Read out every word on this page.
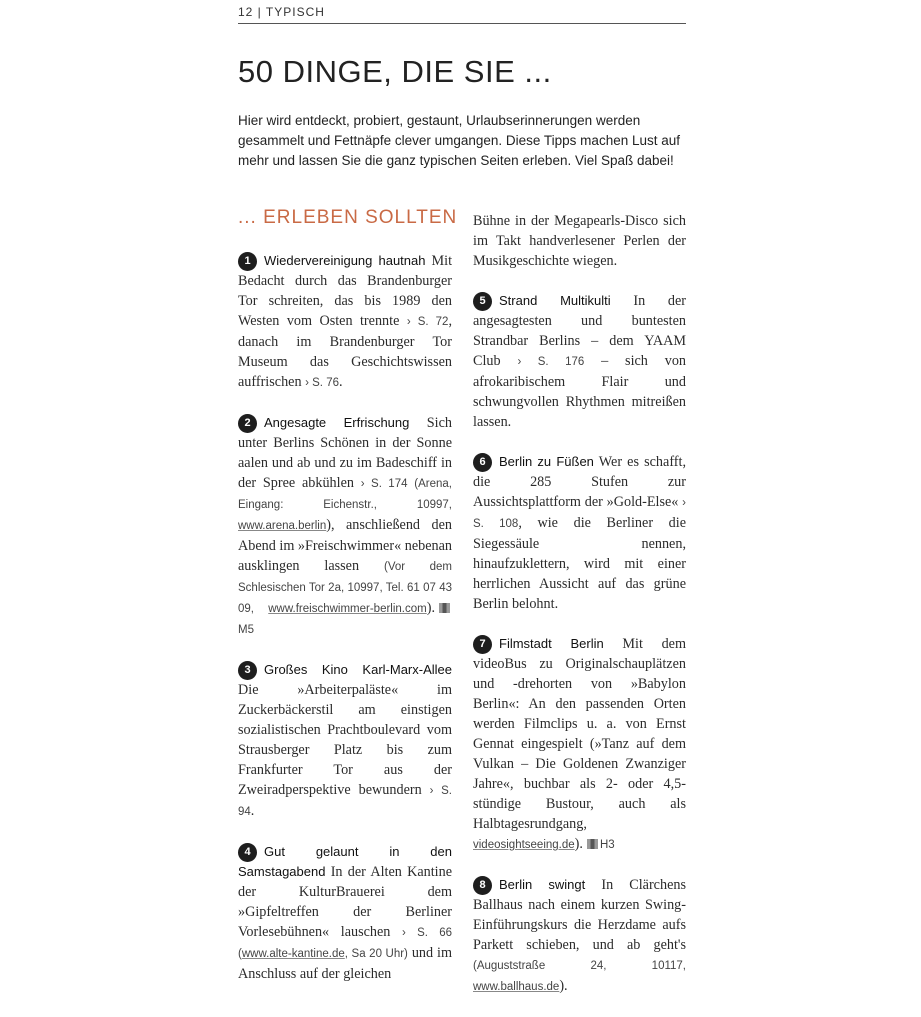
12 | TYPISCH
50 DINGE, DIE SIE ...
Hier wird entdeckt, probiert, gestaunt, Urlaubserinnerungen werden gesammelt und Fettnäpfe clever umgangen. Diese Tipps machen Lust auf mehr und lassen Sie die ganz typischen Seiten erleben. Viel Spaß dabei!
... ERLEBEN SOLLTEN
1 Wiedervereinigung hautnah Mit Bedacht durch das Brandenburger Tor schreiten, das bis 1989 den Westen vom Osten trennte › S. 72, danach im Brandenburger Tor Museum das Geschichtswissen auffrischen › S. 76.
2 Angesagte Erfrischung Sich unter Berlins Schönen in der Sonne aalen und ab und zu im Badeschiff in der Spree abkühlen › S. 174 (Arena, Eingang: Eichenstr., 10997, www.arena.berlin), anschließend den Abend im »Freischwimmer« nebenan ausklingen lassen (Vor dem Schlesischen Tor 2a, 10997, Tel. 61 07 43 09, www.freischwimmer-berlin.com).M5
3 Großes Kino Karl-Marx-Allee Die »Arbeiterpaläste« im Zuckerbäckerstil am einstigen sozialistischen Prachtboulevard vom Strausberger Platz bis zum Frankfurter Tor aus der Zweiradperspektive bewundern › S. 94.
4 Gut gelaunt in den Samstagabend In der Alten Kantine der KulturBrauerei dem »Gipfeltreffen der Berliner Vorlesebühnen« lauschen › S. 66 (www.alte-kantine.de, Sa 20 Uhr) und im Anschluss auf der gleichen
Bühne in der Megapearls-Disco sich im Takt handverlesener Perlen der Musikgeschichte wiegen.
5 Strand Multikulti In der angesagtesten und buntesten Strandbar Berlins – dem YAAM Club › S. 176 – sich von afrokaribischem Flair und schwungvollen Rhythmen mitreißen lassen.
6 Berlin zu Füßen Wer es schafft, die 285 Stufen zur Aussichtsplattform der »Gold-Else« › S. 108, wie die Berliner die Siegessäule nennen, hinaufzuklettern, wird mit einer herrlichen Aussicht auf das grüne Berlin belohnt.
7 Filmstadt Berlin Mit dem videoBus zu Originalschauplätzen und -drehorten von »Babylon Berlin«: An den passenden Orten werden Filmclips u. a. von Ernst Gennat eingespielt (»Tanz auf dem Vulkan – Die Goldenen Zwanziger Jahre«, buchbar als 2- oder 4,5-stündige Bustour, auch als Halbtagesrundgang, videosightseeing.de). H3
8 Berlin swingt In Clärchens Ballhaus nach einem kurzen Swing-Einführungskurs die Herzdame aufs Parkett schieben, und ab geht's (Auguststraße 24, 10117, www.ballhaus.de).
